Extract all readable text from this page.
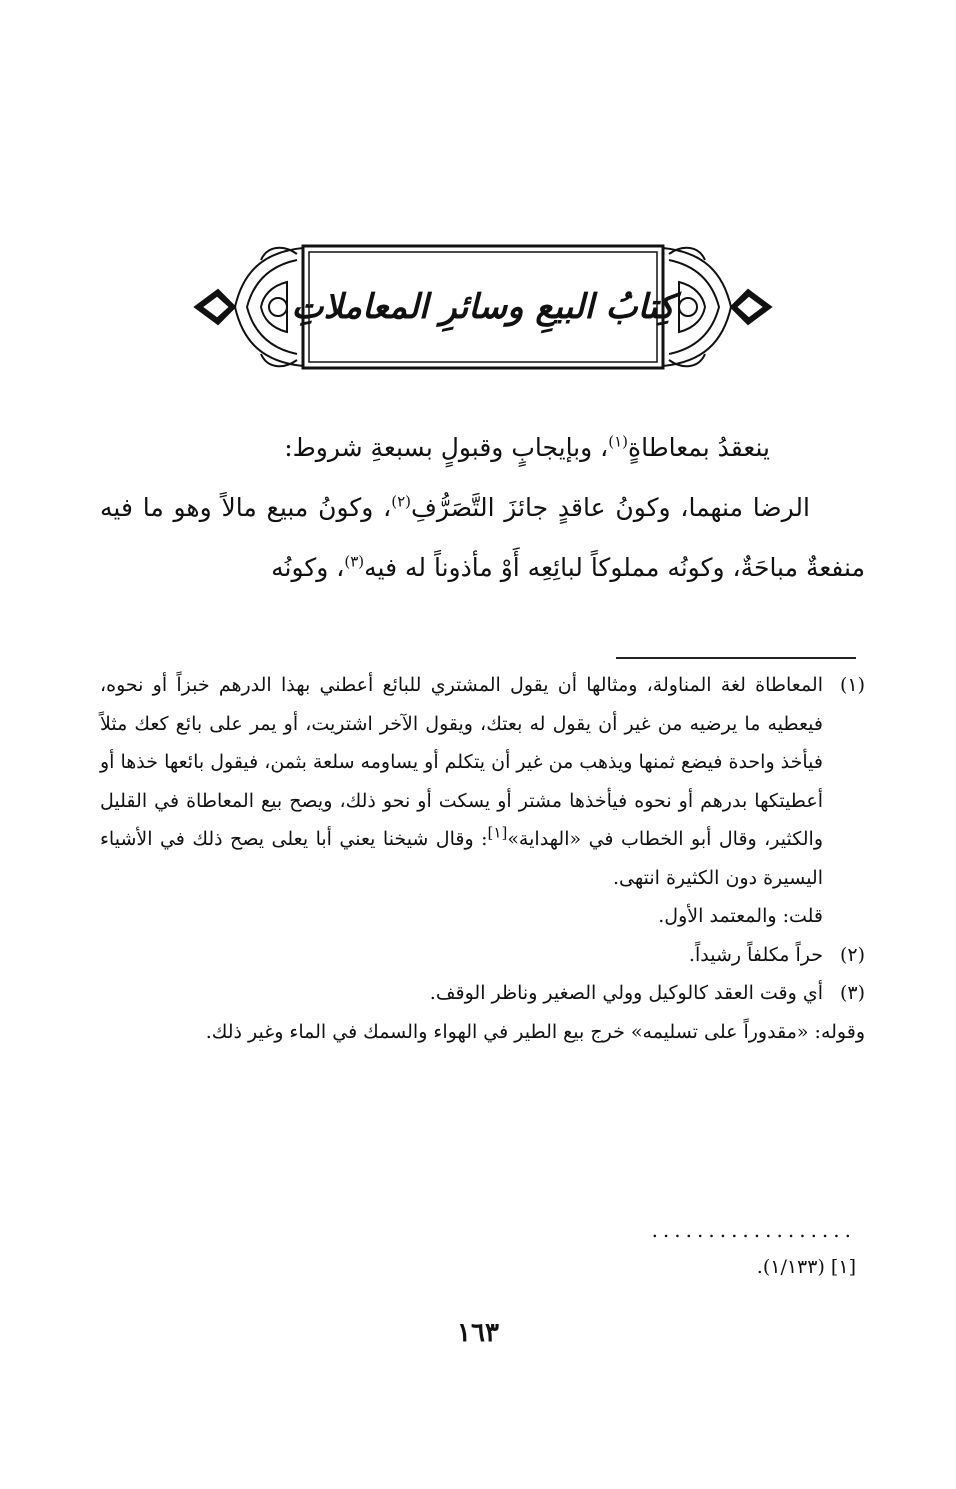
كِتابُ البيعِ وسائرِ المعاملاتِ

ينعقدُ بمعاطاةٍ$^{(١)}$، وبإيجابٍ وقبولٍ بسبعةِ شروط:

الرضا منهما، وكونُ عاقدٍ جائزَ التَّصَرُّفِ$^{(٢)}$، وكونُ مبيع مالاً وهو ما فيه منفعةٌ مباحَةٌ، وكونُه مملوكاً لبائِعِه أَوْ مأذوناً له فيه$^{(٣)}$، وكونُه

(١)

المعاطاة لغة المناولة، ومثالها أن يقول المشتري للبائع أعطني بهذا الدرهم خبزاً أو نحوه، فيعطيه ما يرضيه من غير أن يقول له بعتك، ويقول الآخر اشتريت، أو يمر على بائع كعك مثلاً فيأخذ واحدة فيضع ثمنها ويذهب من غير أن يتكلم أو يساومه سلعة بثمن، فيقول بائعها خذها أو أعطيتكها بدرهم أو نحوه فيأخذها مشتر أو يسكت أو نحو ذلك، ويصح بيع المعاطاة في القليل والكثير، وقال أبو الخطاب في «الهداية»[١]: وقال شيخنا يعني أبا يعلى يصح ذلك في الأشياء اليسيرة دون الكثيرة انتهى.

قلت: والمعتمد الأول.

(٢)
حراً مكلفاً رشيداً.
(٣)
أي وقت العقد كالوكيل وولي الصغير وناظر الوقف.
وقوله: «مقدوراً على تسليمه» خرج بيع الطير في الهواء والسمك في الماء وغير ذلك.
..................
[١] (١/١٣٣).
١٦٣
